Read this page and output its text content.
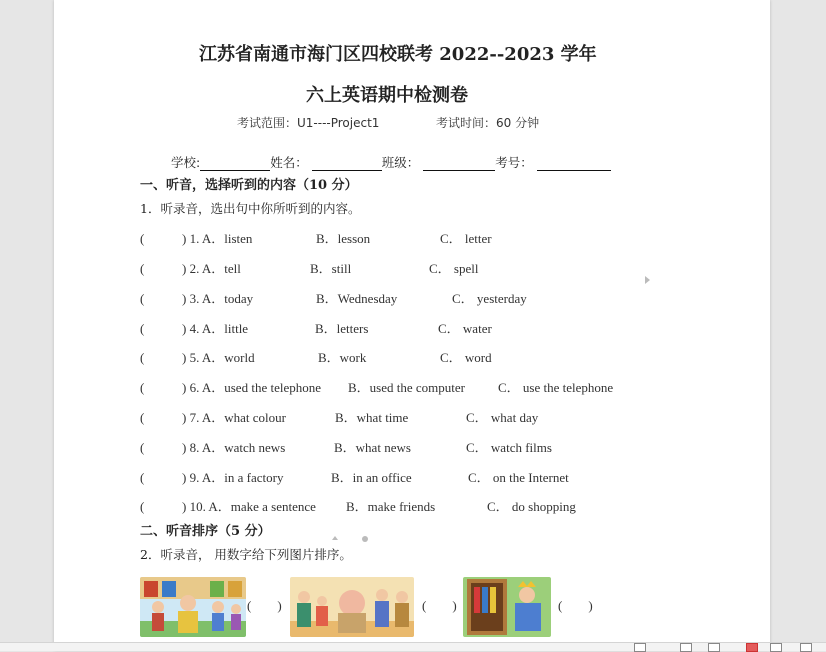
江苏省南通市海门区四校联考 2022--2023 学年
六上英语期中检测卷
考试范围：U1----Project1	考试时间：60 分钟
学校:	姓名：	班级：	考号：
一、听音，选择听到的内容（10 分）
1．听录音，选出句中你所听到的内容。
(	) 1. A．listen	B．lesson	C． letter
(	) 2. A．tell	B．still	C． spell
(	) 3. A．today	B．Wednesday	C． yesterday
(	) 4. A．little	B．letters	C． water
(	) 5. A．world	B．work	C． word
(	) 6. A．used the telephone B．used the computer	C． use the telephone
(	) 7. A．what colour	B．what time	C． what day
(	) 8. A．watch news	B．what news	C． watch films
(	) 9. A．in a factory	B．in an office	C． on the Internet
(	) 10. A．make a sentence B．make friends	C． do shopping
二、听音排序（5 分）
2．听录音， 用数字给下列图片排序。
( )	( )	( )
